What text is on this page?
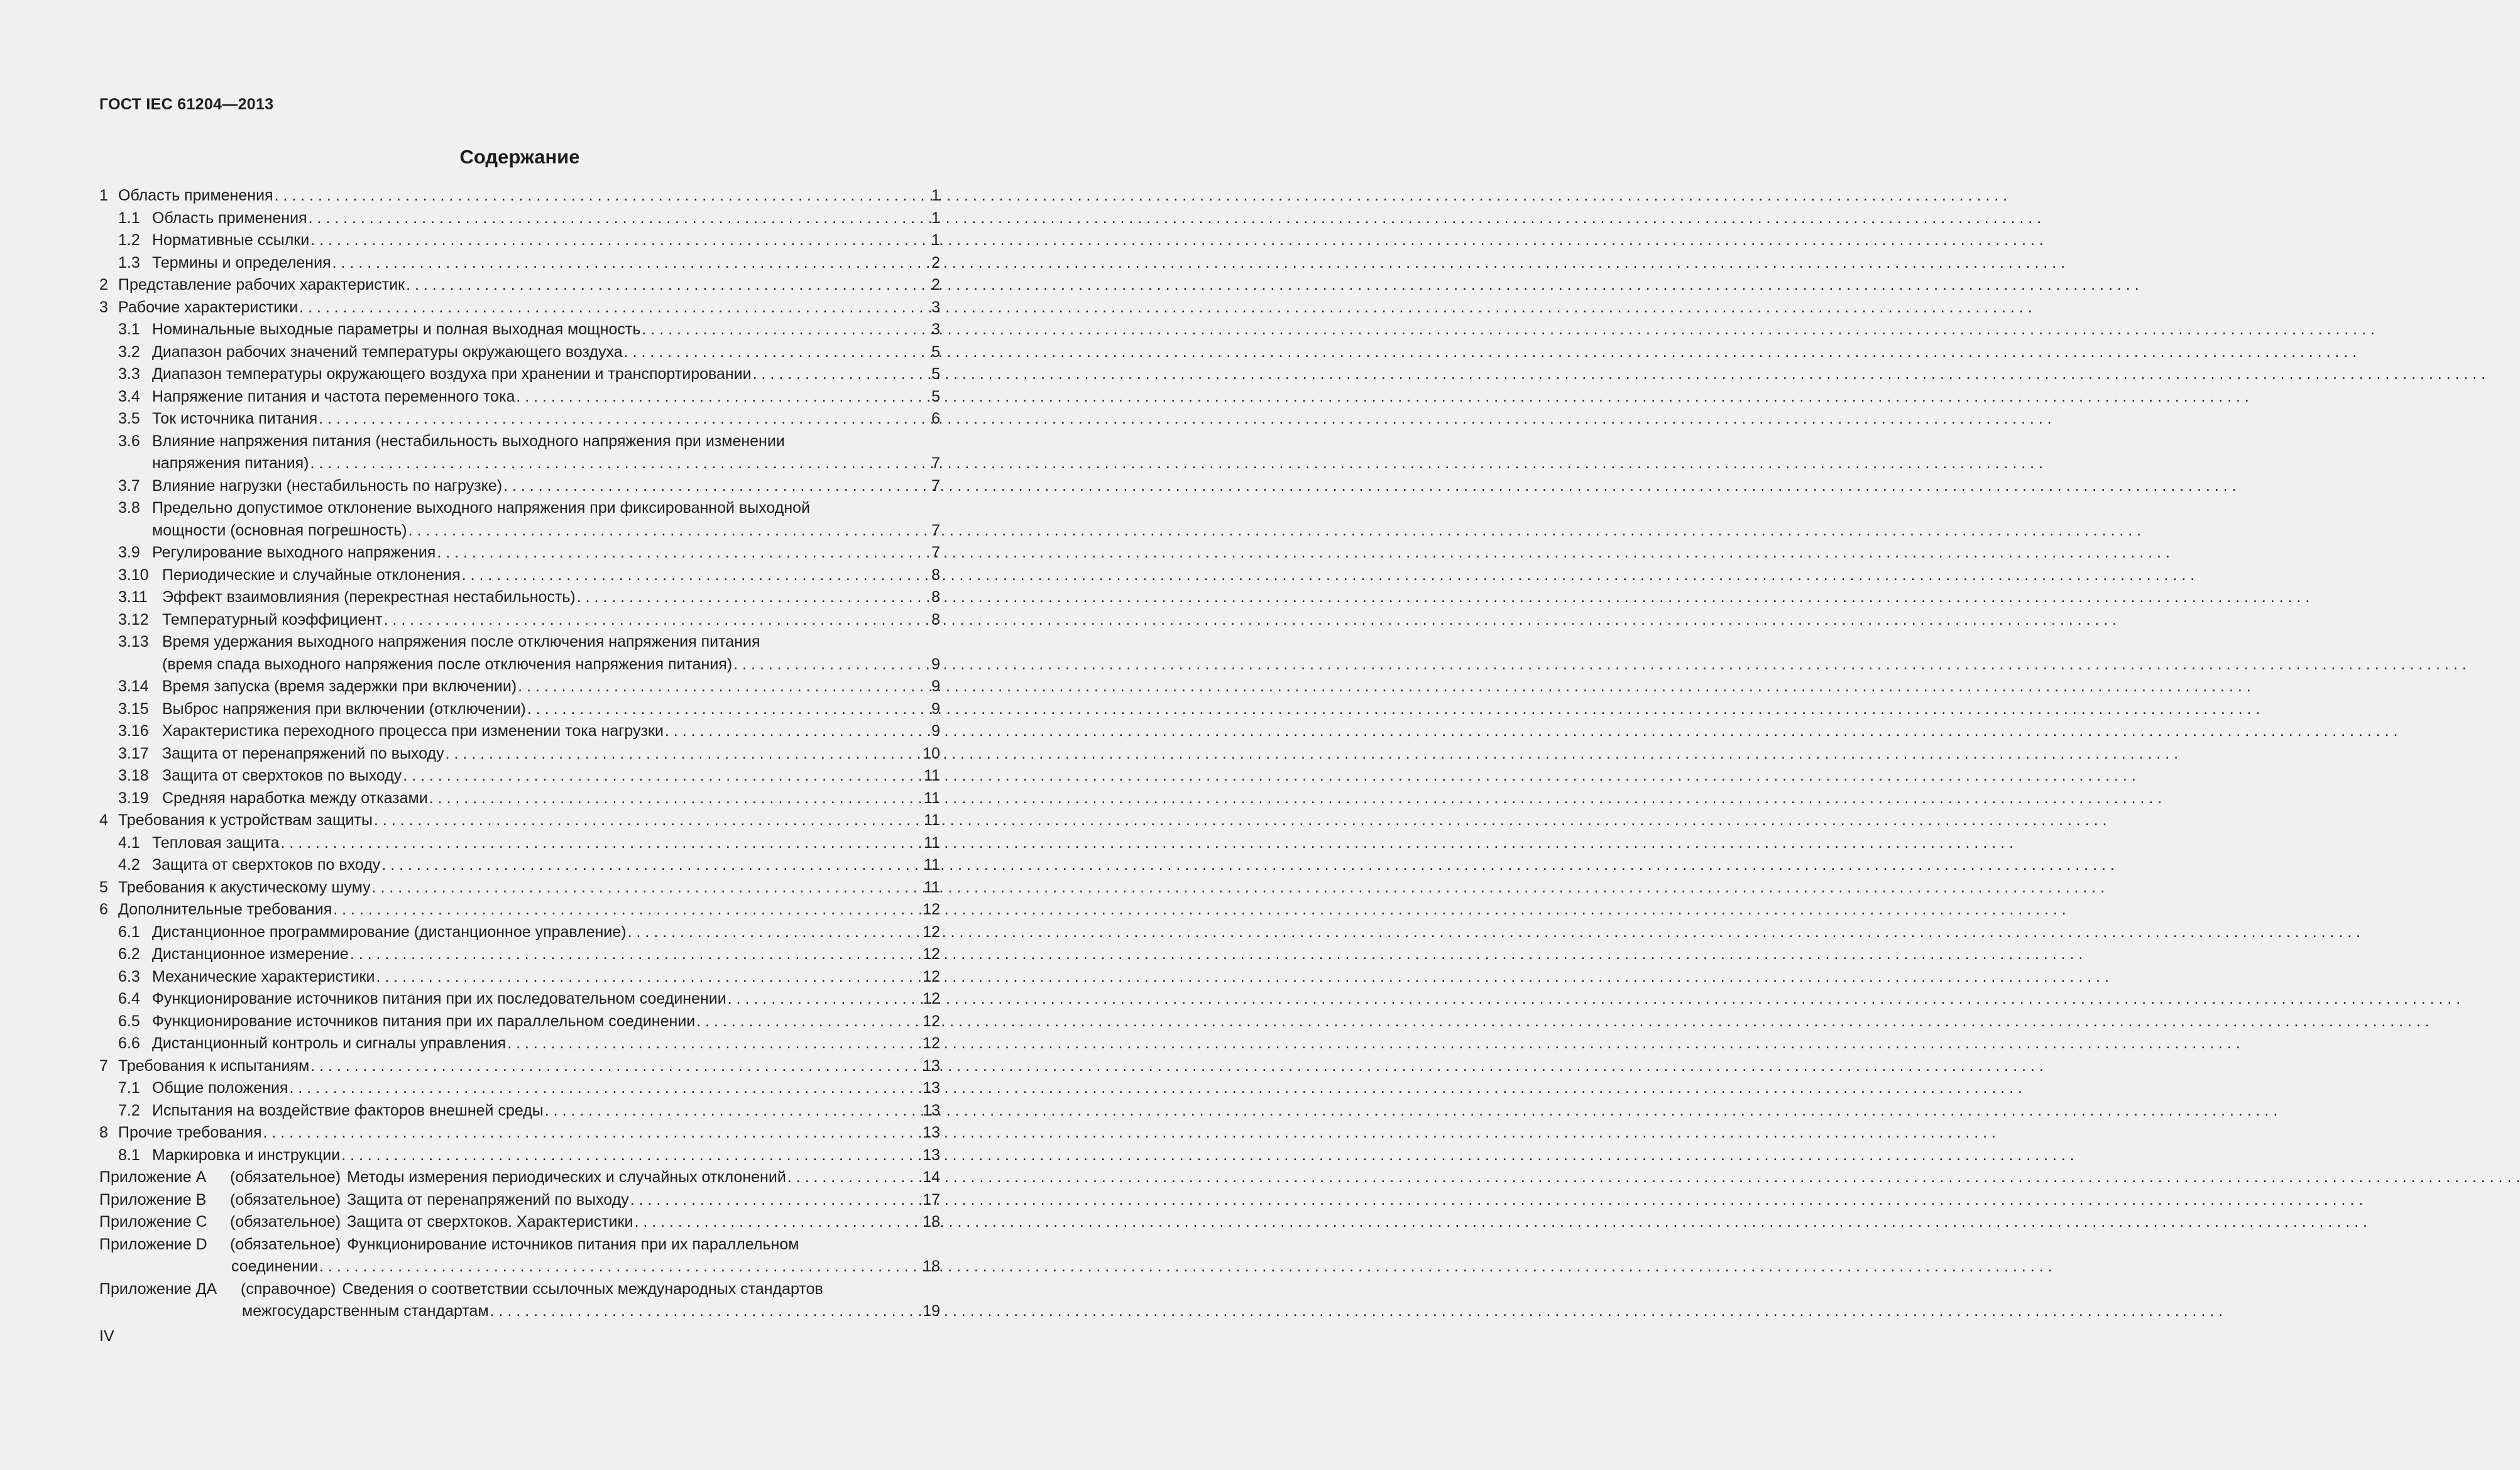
ГОСТ IEC 61204—2013
Содержание
1 Область применения . . .	1
1.1 Область применения . . .	1
1.2 Нормативные ссылки . . .	1
1.3 Термины и определения . . .	2
2 Представление рабочих характеристик . . .	2
3 Рабочие характеристики . . .	3
3.1 Номинальные выходные параметры и полная выходная мощность . . .	3
3.2 Диапазон рабочих значений температуры окружающего воздуха . . .	5
3.3 Диапазон температуры окружающего воздуха при хранении и транспортировании . . .	5
3.4 Напряжение питания и частота переменного тока . . .	5
3.5 Ток источника питания . . .	6
3.6 Влияние напряжения питания (нестабильность выходного напряжения при изменении
напряжения питания) . . .	7
3.7 Влияние нагрузки (нестабильность по нагрузке) . . .	7
3.8 Предельно допустимое отклонение выходного напряжения при фиксированной выходной
мощности (основная погрешность) . . .	7
3.9 Регулирование выходного напряжения . . .	7
3.10 Периодические и случайные отклонения . . .	8
3.11 Эффект взаимовлияния (перекрестная нестабильность) . . .	8
3.12 Температурный коэффициент . . .	8
3.13 Время удержания выходного напряжения после отключения напряжения питания
(время спада выходного напряжения после отключения напряжения питания) . . .	9
3.14 Время запуска (время задержки при включении) . . .	9
3.15 Выброс напряжения при включении (отключении) . . .	9
3.16 Характеристика переходного процесса при изменении тока нагрузки . . .	9
3.17 Защита от перенапряжений по выходу . . .	10
3.18 Защита от сверхтоков по выходу . . .	11
3.19 Средняя наработка между отказами . . .	11
4 Требования к устройствам защиты . . .	11
4.1 Тепловая защита . . .	11
4.2 Защита от сверхтоков по входу . . .	11
5 Требования к акустическому шуму . . .	11
6 Дополнительные требования . . .	12
6.1 Дистанционное программирование (дистанционное управление) . . .	12
6.2 Дистанционное измерение . . .	12
6.3 Механические характеристики . . .	12
6.4 Функционирование источников питания при их последовательном соединении . . .	12
6.5 Функционирование источников питания при их параллельном соединении . . .	12
6.6 Дистанционный контроль и сигналы управления . . .	12
7 Требования к испытаниям . . .	13
7.1 Общие положения . . .	13
7.2 Испытания на воздействие факторов внешней среды . . .	13
8 Прочие требования . . .	13
8.1 Маркировка и инструкции . . .	13
Приложение А (обязательное) Методы измерения периодических и случайных отклонений . . .	14
Приложение В (обязательное) Защита от перенапряжений по выходу . . .	17
Приложение С (обязательное) Защита от сверхтоков. Характеристики . . .	18
Приложение D (обязательное) Функционирование источников питания при их параллельном
соединении . . .	18
Приложение ДА (справочное) Сведения о соответствии ссылочных международных стандартов
межгосударственным стандартам . . .	19
IV
